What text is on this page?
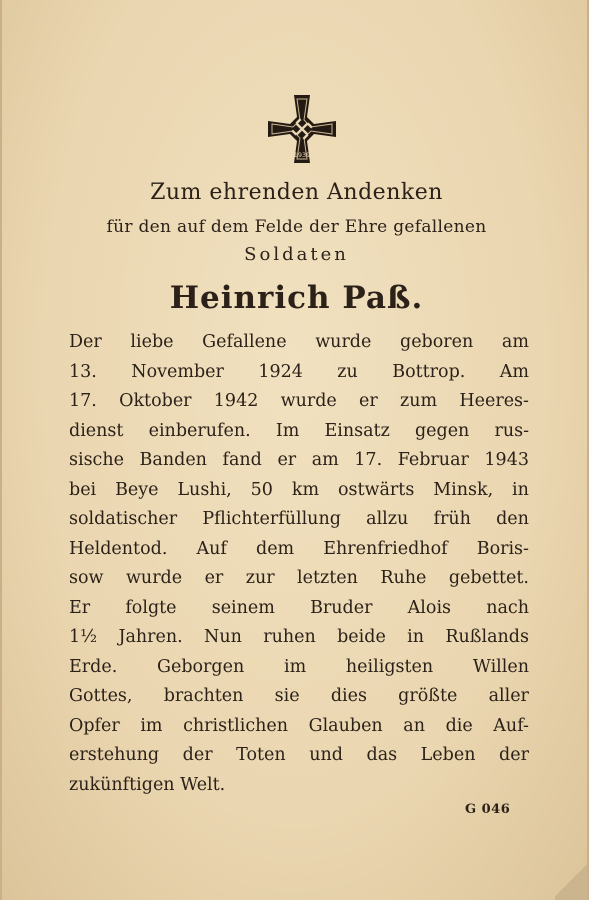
1939
Zum ehrenden Andenken
für den auf dem Felde der Ehre gefallenen
Soldaten
Heinrich Paß.
Der liebe Gefallene wurde geboren am
13. November 1924 zu Bottrop. Am
17. Oktober 1942 wurde er zum Heeres-
dienst einberufen. Im Einsatz gegen rus-
sische Banden fand er am 17. Februar 1943
bei Beye Lushi, 50 km ostwärts Minsk, in
soldatischer Pflichterfüllung allzu früh den
Heldentod. Auf dem Ehrenfriedhof Boris-
sow wurde er zur letzten Ruhe gebettet.
Er folgte seinem Bruder Alois nach
1½ Jahren. Nun ruhen beide in Rußlands
Erde. Geborgen im heiligsten Willen
Gottes, brachten sie dies größte aller
Opfer im christlichen Glauben an die Auf-
erstehung der Toten und das Leben der
zukünftigen Welt.
G 046
